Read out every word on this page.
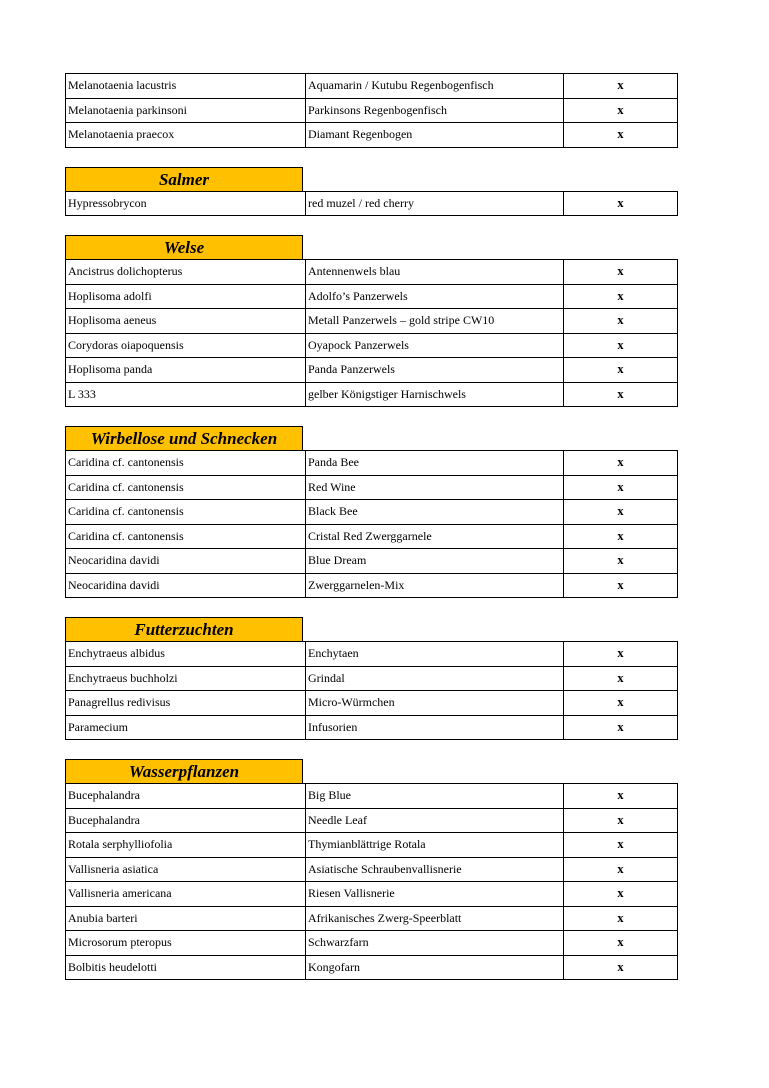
Melanotaenia lacustris	Aquamarin / Kutubu Regenbogenfisch	x
Melanotaenia parkinsoni	Parkinsons Regenbogenfisch	x
Melanotaenia praecox	Diamant Regenbogen	x
Salmer
Hypressobrycon	red muzel / red cherry	x
Welse
Ancistrus dolichopterus	Antennenwels blau	x
Hoplisoma adolfi	Adolfo’s Panzerwels	x
Hoplisoma aeneus	Metall Panzerwels – gold stripe CW10	x
Corydoras oiapoquensis	Oyapock Panzerwels	x
Hoplisoma panda	Panda Panzerwels	x
L 333	gelber Königstiger Harnischwels	x
Wirbellose und Schnecken
Caridina cf. cantonensis	Panda Bee	x
Caridina cf. cantonensis	Red Wine	x
Caridina cf. cantonensis	Black Bee	x
Caridina cf. cantonensis	Cristal Red Zwerggarnele	x
Neocaridina davidi	Blue Dream	x
Neocaridina davidi	Zwerggarnelen-Mix	x
Futterzuchten
Enchytraeus albidus	Enchytaen	x
Enchytraeus buchholzi	Grindal	x
Panagrellus redivisus	Micro-Würmchen	x
Paramecium	Infusorien	x
Wasserpflanzen
Bucephalandra	Big Blue	x
Bucephalandra	Needle Leaf	x
Rotala serphylliofolia	Thymianblättrige Rotala	x
Vallisneria asiatica	Asiatische Schraubenvallisnerie	x
Vallisneria americana	Riesen Vallisnerie	x
Anubia barteri	Afrikanisches Zwerg-Speerblatt	x
Microsorum pteropus	Schwarzfarn	x
Bolbitis heudelotti	Kongofarn	x
